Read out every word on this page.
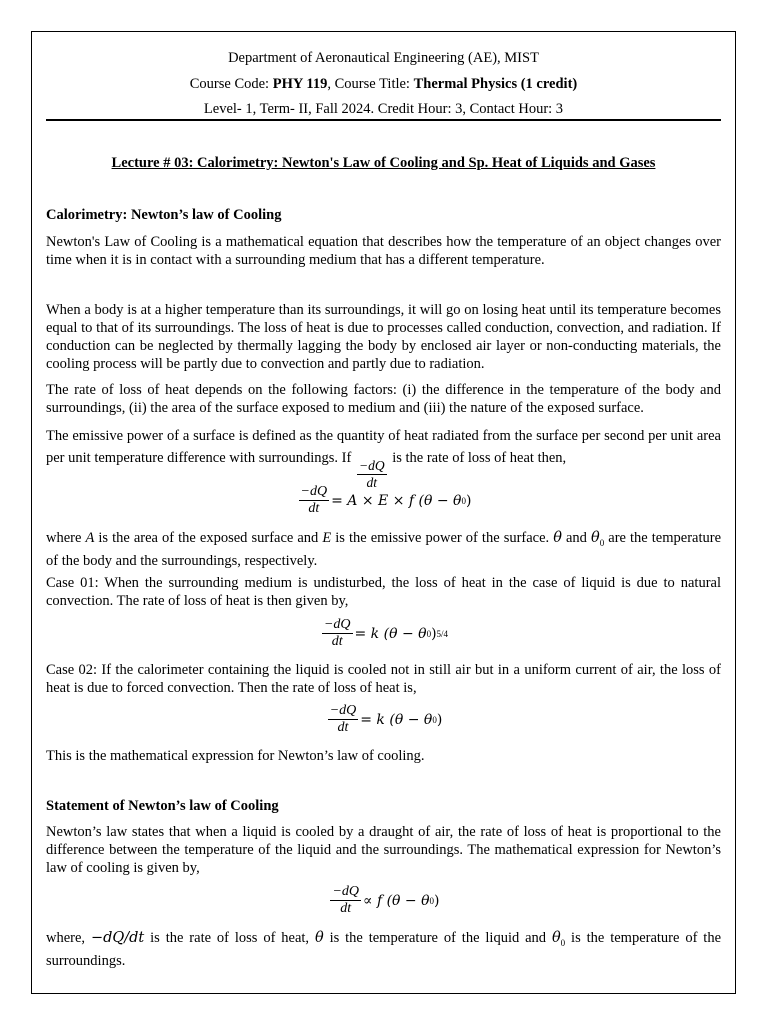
Department of Aeronautical Engineering (AE), MIST
Course Code: PHY 119, Course Title: Thermal Physics (1 credit)
Level- 1, Term- II, Fall 2024. Credit Hour: 3, Contact Hour: 3
Lecture # 03: Calorimetry: Newton's Law of Cooling and Sp. Heat of Liquids and Gases
Calorimetry: Newton’s law of Cooling
Newton's Law of Cooling is a mathematical equation that describes how the temperature of an object changes over time when it is in contact with a surrounding medium that has a different temperature.
When a body is at a higher temperature than its surroundings, it will go on losing heat until its temperature becomes equal to that of its surroundings. The loss of heat is due to processes called conduction, convection, and radiation. If conduction can be neglected by thermally lagging the body by enclosed air layer or non-conducting materials, the cooling process will be partly due to convection and partly due to radiation.
The rate of loss of heat depends on the following factors: (i) the difference in the temperature of the body and surroundings, (ii) the area of the surface exposed to medium and (iii) the nature of the exposed surface.
The emissive power of a surface is defined as the quantity of heat radiated from the surface per second per unit area per unit temperature difference with surroundings. If $\frac{-dQ}{dt}$ is the rate of loss of heat then,
$\frac{-dQ}{dt} = A \times E \times f$ (θ − θ 0 )
where A is the area of the exposed surface and E is the emissive power of the surface. θ and $\theta_0$ are the temperature of the body and the surroundings, respectively.
Case 01: When the surrounding medium is undisturbed, the loss of heat in the case of liquid is due to natural convection. The rate of loss of heat is then given by,
$\frac{-dQ}{dt} = k$ (θ − θ 0 ) 5/4
Case 02: If the calorimeter containing the liquid is cooled not in still air but in a uniform current of air, the loss of heat is due to forced convection. Then the rate of loss of heat is,
$\frac{-dQ}{dt} = k$ (θ − θ 0 )
This is the mathematical expression for Newton’s law of cooling.
Statement of Newton’s law of Cooling
Newton’s law states that when a liquid is cooled by a draught of air, the rate of loss of heat is proportional to the difference between the temperature of the liquid and the surroundings. The mathematical expression for Newton’s law of cooling is given by,
$\frac{-dQ}{dt} \propto f$ (θ − θ 0 )
where, −dQ/dt is the rate of loss of heat, θ is the temperature of the liquid and $\theta_0$ is the temperature of the surroundings.
